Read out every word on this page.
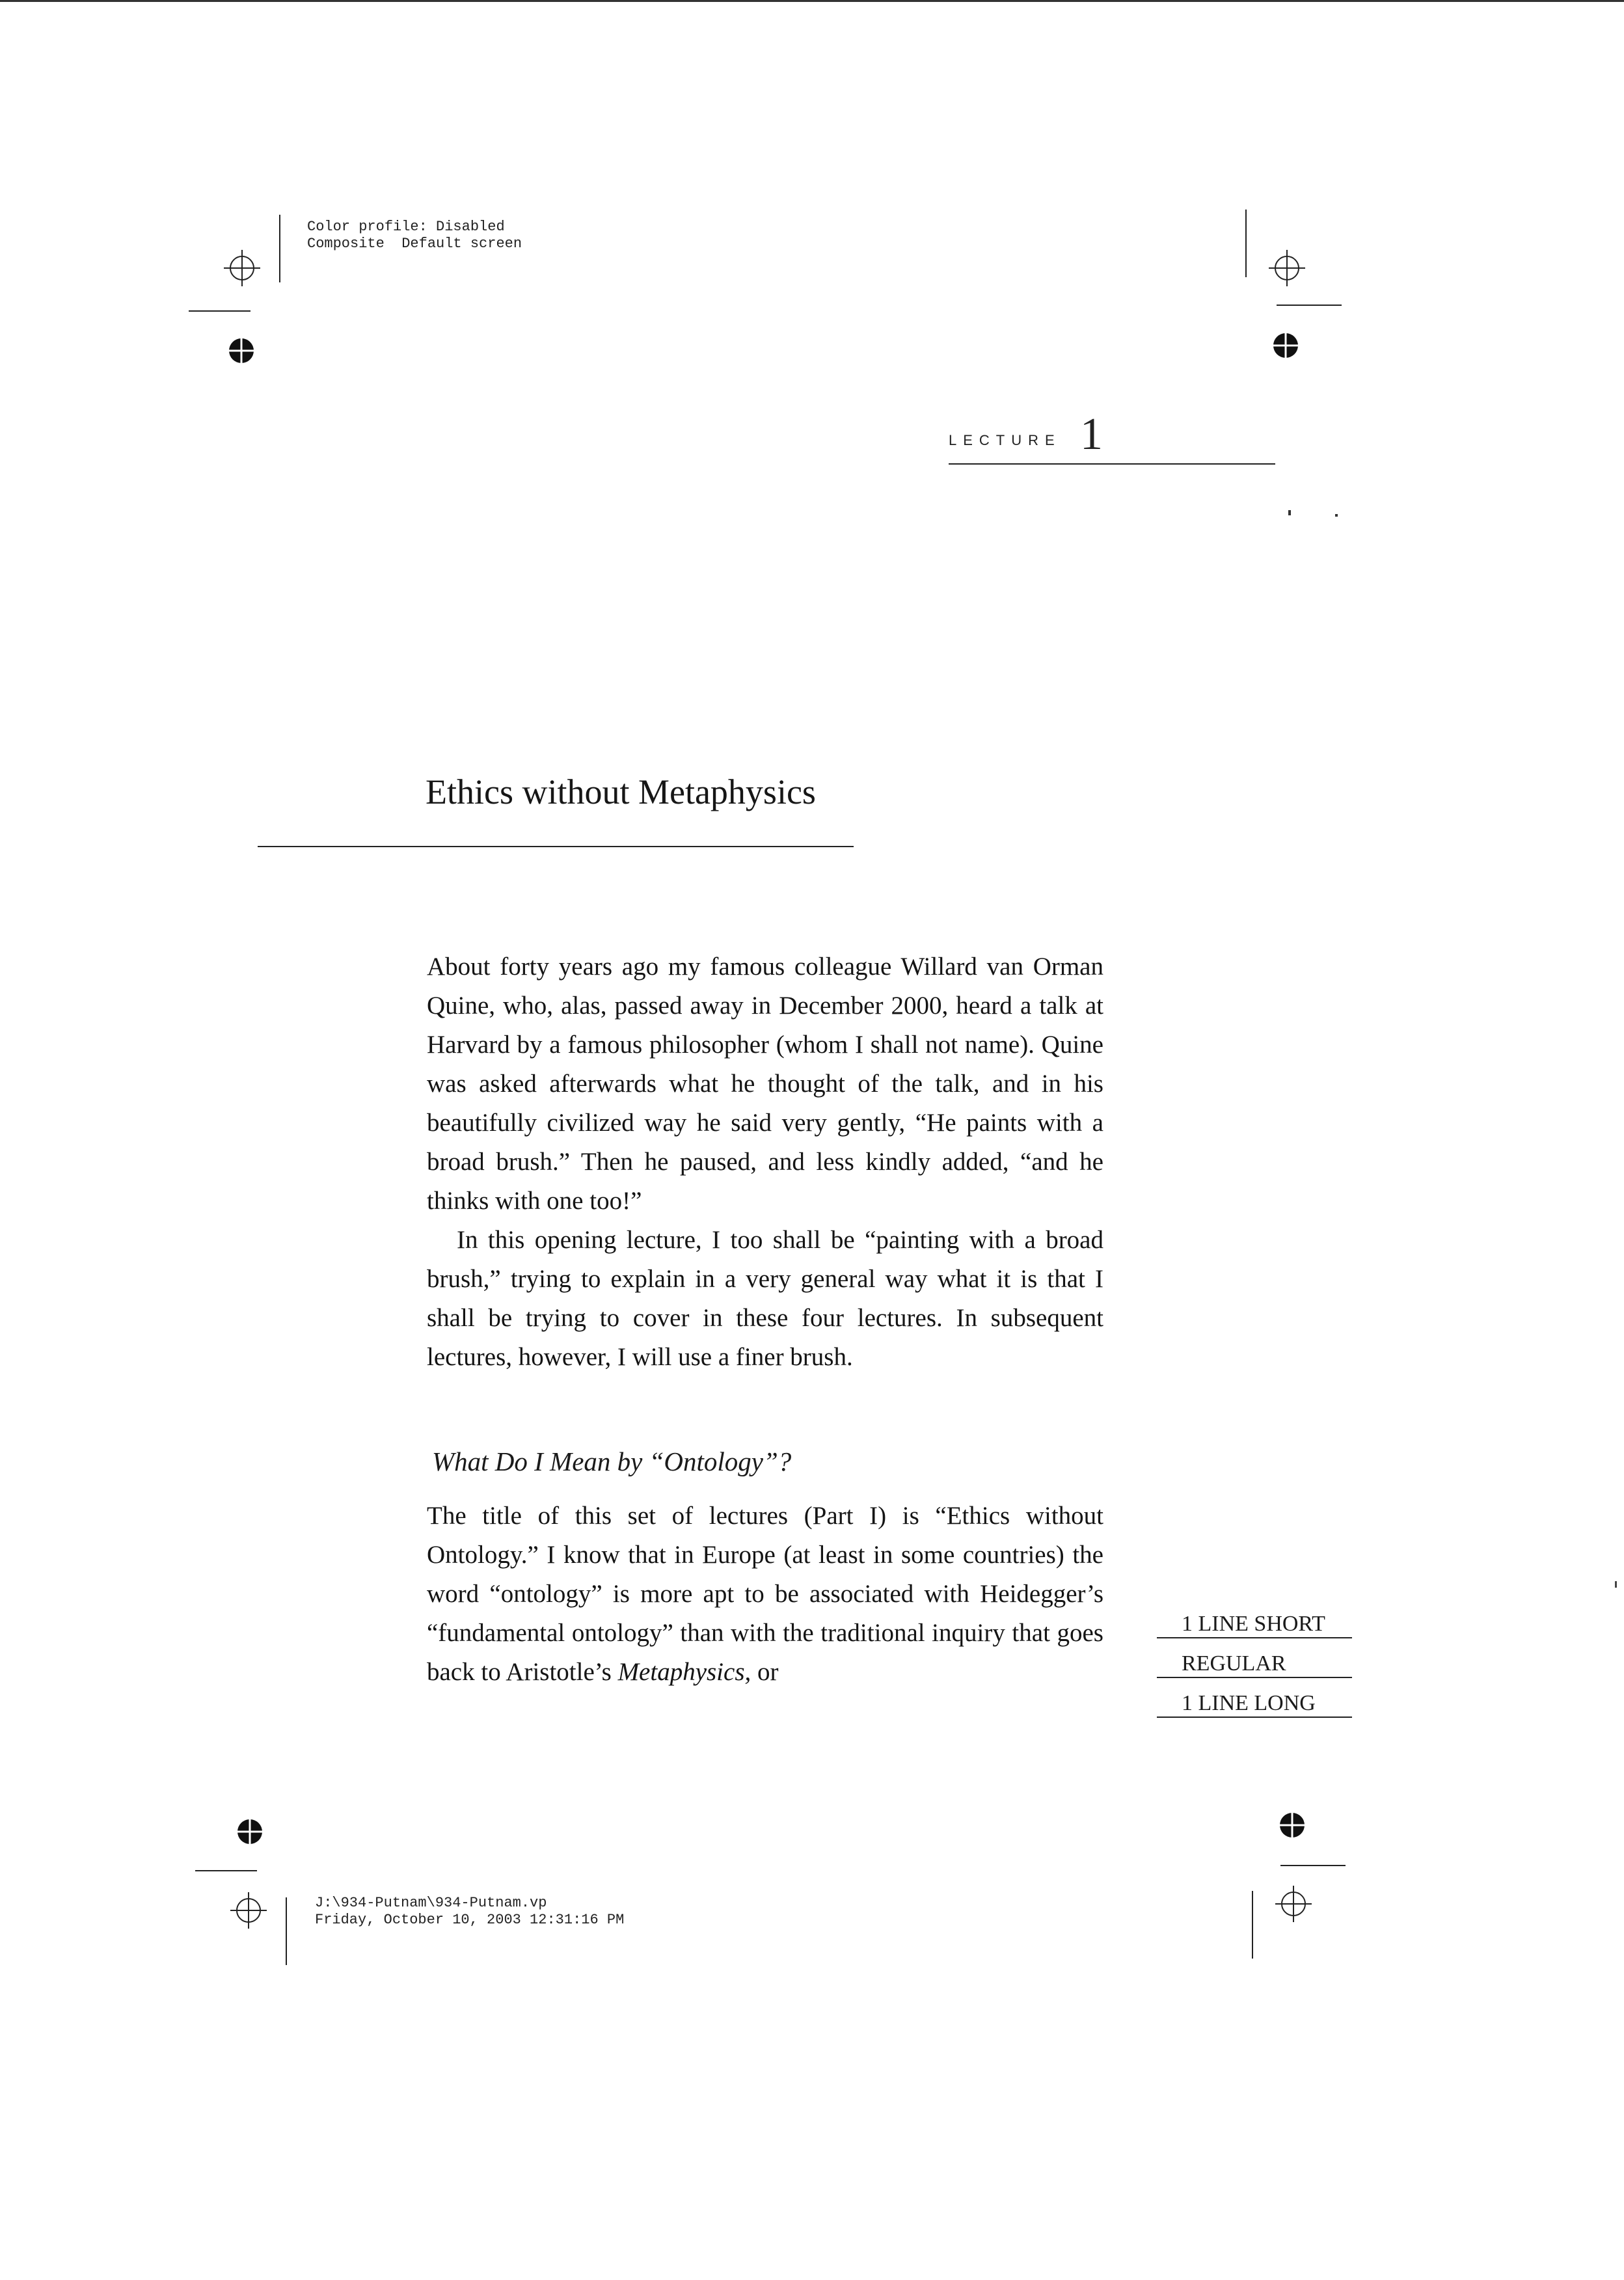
Color profile: Disabled
Composite  Default screen
LECTURE 1
Ethics without Metaphysics

About forty years ago my famous colleague Willard van Orman Quine, who, alas, passed away in December 2000, heard a talk at Harvard by a famous philosopher (whom I shall not name). Quine was asked afterwards what he thought of the talk, and in his beautifully civilized way he said very gently, “He paints with a broad brush.” Then he paused, and less kindly added, “and he thinks with one too!”

In this opening lecture, I too shall be “painting with a broad brush,” trying to explain in a very general way what it is that I shall be trying to cover in these four lectures. In subsequent lectures, however, I will use a finer brush.

What Do I Mean by “Ontology”?

The title of this set of lectures (Part I) is “Ethics without Ontology.” I know that in Europe (at least in some countries) the word “ontology” is more apt to be associated with Heidegger’s “fundamental ontology” than with the traditional inquiry that goes back to Aristotle’s Metaphysics, or

1 LINE SHORT
REGULAR
1 LINE LONG
J:\934-Putnam\934-Putnam.vp
Friday, October 10, 2003 12:31:16 PM
